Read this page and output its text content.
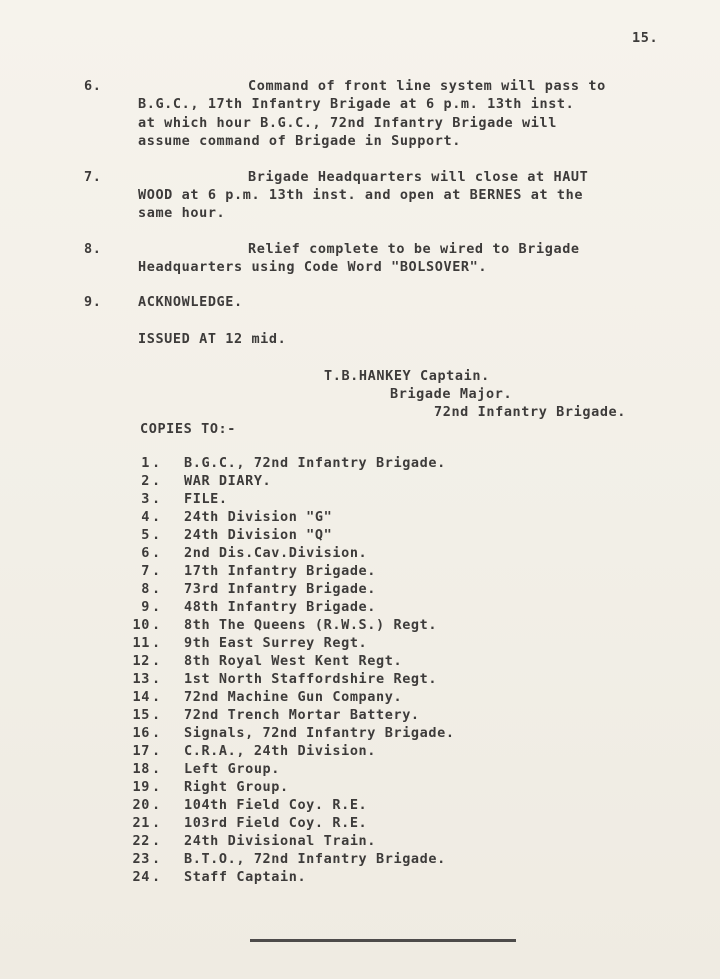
15.
6.	Command of front line system will pass to
B.G.C., 17th Infantry Brigade at 6 p.m. 13th inst.
at which hour B.G.C., 72nd Infantry Brigade will
assume command of Brigade in Support.
7.	Brigade Headquarters will close at HAUT
WOOD at 6 p.m. 13th inst. and open at BERNES at the
same hour.
8.	Relief complete to be wired to Brigade
Headquarters using Code Word "BOLSOVER".
9.	ACKNOWLEDGE.
ISSUED AT 12 mid.
T.B.HANKEY Captain.
Brigade Major.
72nd Infantry Brigade.
COPIES TO:-
1 . B.G.C., 72nd Infantry Brigade.
2 . WAR DIARY.
3 . FILE.
4 . 24th Division "G"
5 . 24th Division "Q"
6 . 2nd Dis.Cav.Division.
7 . 17th Infantry Brigade.
8 . 73rd Infantry Brigade.
9 . 48th Infantry Brigade.
10 . 8th The Queens (R.W.S.) Regt.
11 . 9th East Surrey Regt.
12 . 8th Royal West Kent Regt.
13 . 1st North Staffordshire Regt.
14 . 72nd Machine Gun Company.
15 . 72nd Trench Mortar Battery.
16 . Signals, 72nd Infantry Brigade.
17 . C.R.A., 24th Division.
18 . Left Group.
19 . Right Group.
20 . 104th Field Coy. R.E.
21 . 103rd Field Coy. R.E.
22 . 24th Divisional Train.
23 . B.T.O., 72nd Infantry Brigade.
24 . Staff Captain.
